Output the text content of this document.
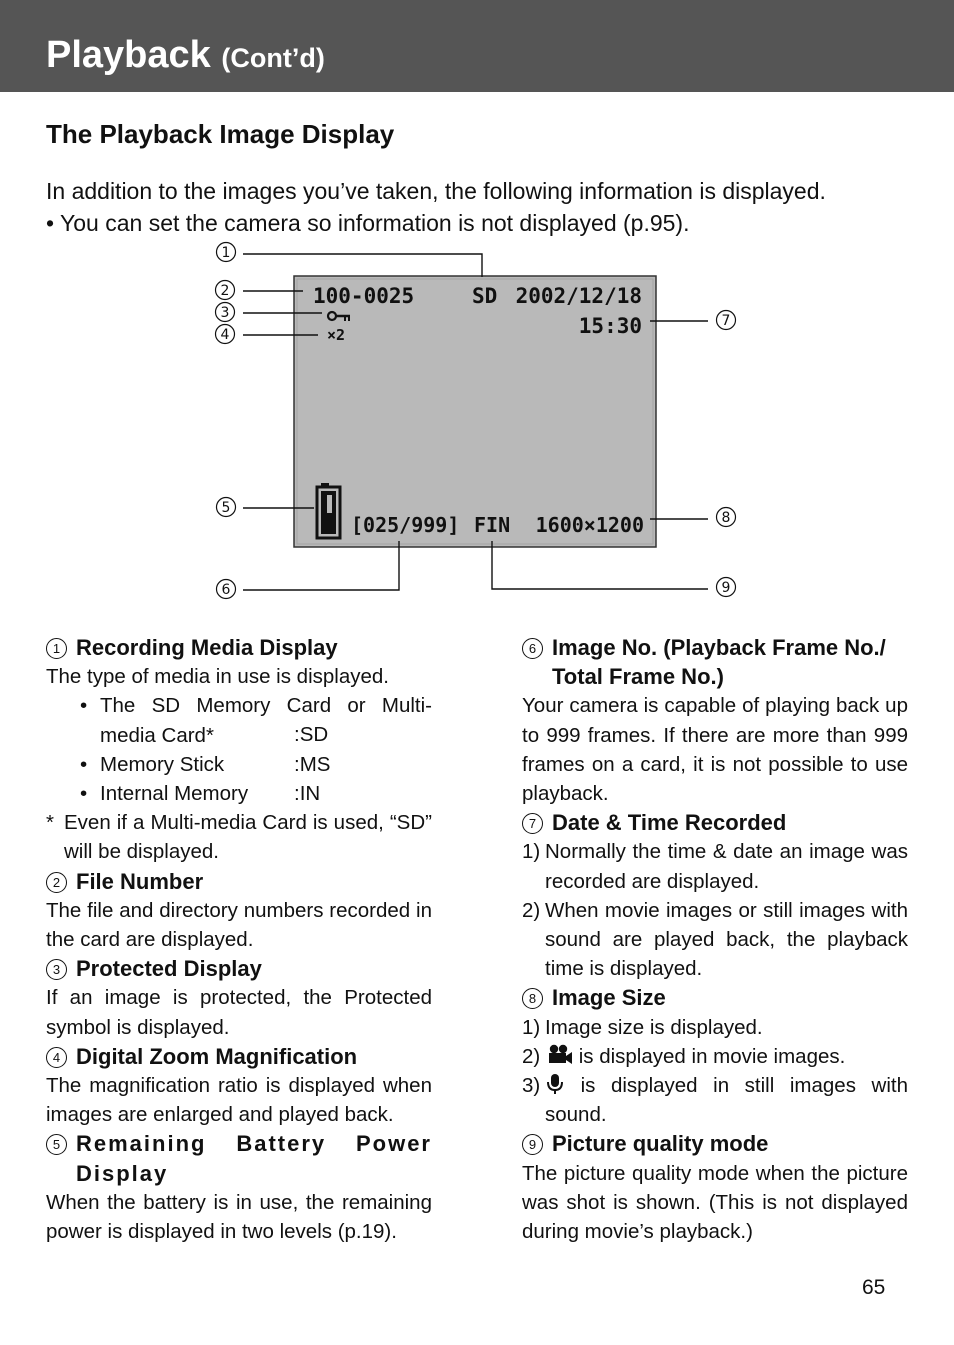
Playback (Cont’d)
The Playback Image Display
In addition to the images you’ve taken, the following information is displayed.
• You can set the camera so information is not displayed (p.95).
100-0025	SD 2002/12/18
15:30
×2
[025/999] FIN 1600×1200
1
2
3
4
5
6
7
8
9
1 Recording Media Display
The type of media in use is displayed.
• The SD Memory Card or Multi-media Card*	:SD
• Memory Stick	:MS
• Internal Memory :IN
* Even if a Multi-media Card is used, “SD” will be displayed.
2 File Number
The file and directory numbers recorded in the card are displayed.
3 Protected Display
If an image is protected, the Protected symbol is displayed.
4 Digital Zoom Magnification
The magnification ratio is displayed when images are enlarged and played back.
5 Remaining Battery Power Display
When the battery is in use, the remaining power is displayed in two levels (p.19).
6 Image No. (Playback Frame No./ Total Frame No.)
Your camera is capable of playing back up to 999 frames. If there are more than 999 frames on a card, it is not possible to use playback.
7 Date & Time Recorded
1) Normally the time & date an image was recorded are displayed.
2) When movie images or still images with sound are played back, the playback time is displayed.
8 Image Size
1) Image size is displayed.
2)	is displayed in movie images.
3)	is displayed in still images with sound.
9 Picture quality mode
The picture quality mode when the picture was shot is shown. (This is not displayed during movie’s playback.)
65
